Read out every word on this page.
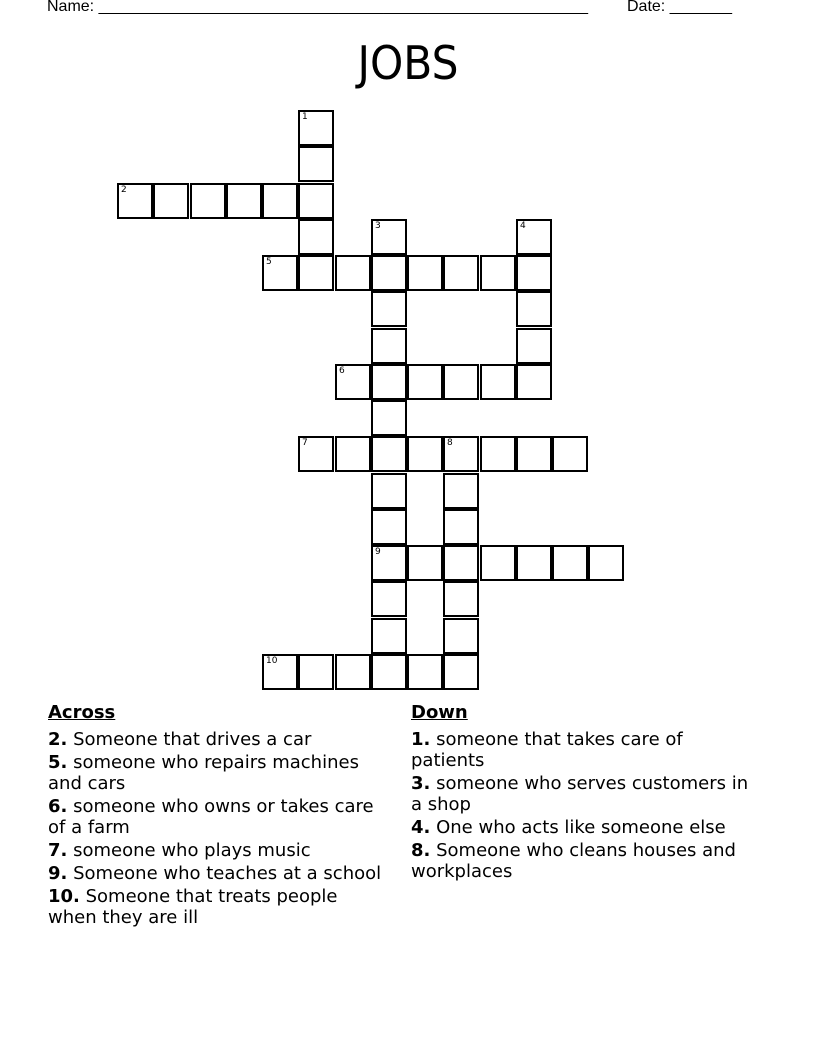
Name: _______________________________________________________ Date: _______
JOBS
1
2
3	4
5
6
7	8
9
10
Across
2. Someone that drives a car
5. someone who repairs machines and cars
6. someone who owns or takes care of a farm
7. someone who plays music
9. Someone who teaches at a school
10. Someone that treats people when they are ill
Down
1. someone that takes care of patients
3. someone who serves customers in a shop
4. One who acts like someone else
8. Someone who cleans houses and workplaces
